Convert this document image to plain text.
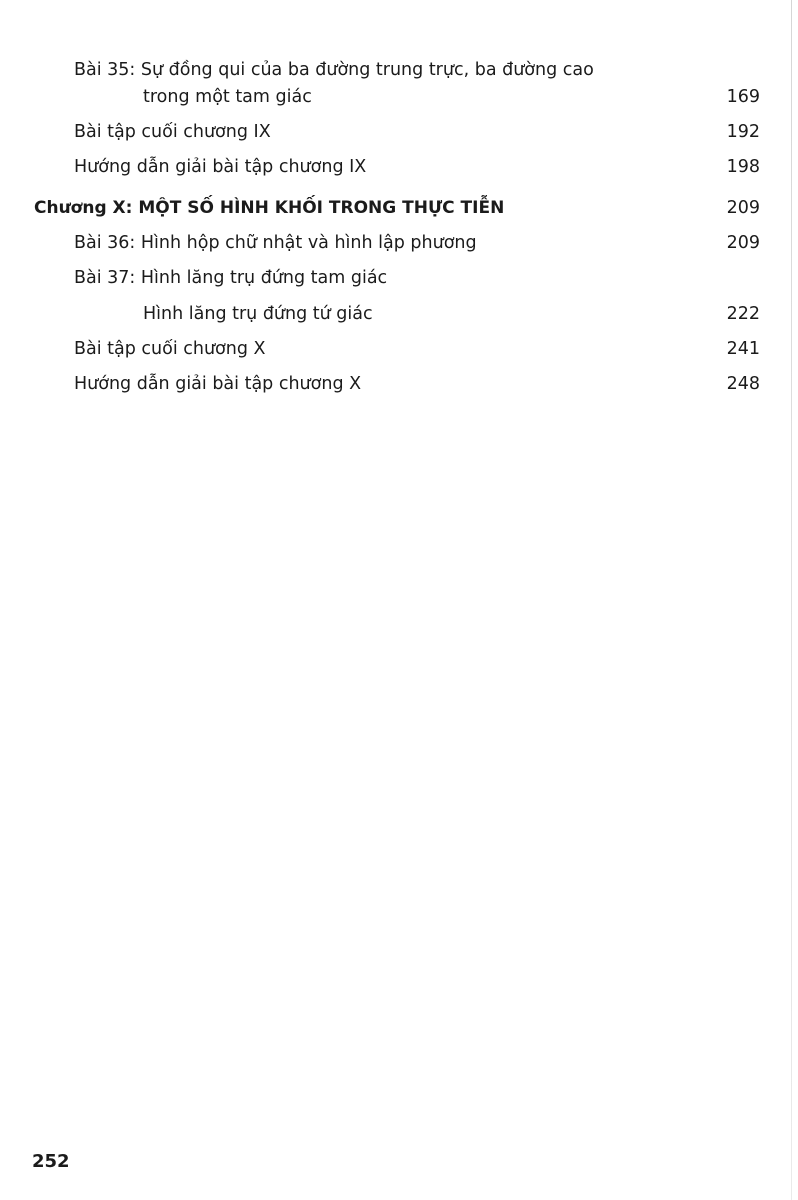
Bài 35: Sự đồng qui của ba đường trung trực, ba đường cao
trong một tam giác	169
Bài tập cuối chương IX	192
Hướng dẫn giải bài tập chương IX	198
Chương X: MỘT SỐ HÌNH KHỐI TRONG THỰC TIỄN	209
Bài 36: Hình hộp chữ nhật và hình lập phương	209
Bài 37: Hình lăng trụ đứng tam giác
Hình lăng trụ đứng tứ giác	222
Bài tập cuối chương X	241
Hướng dẫn giải bài tập chương X	248
252
